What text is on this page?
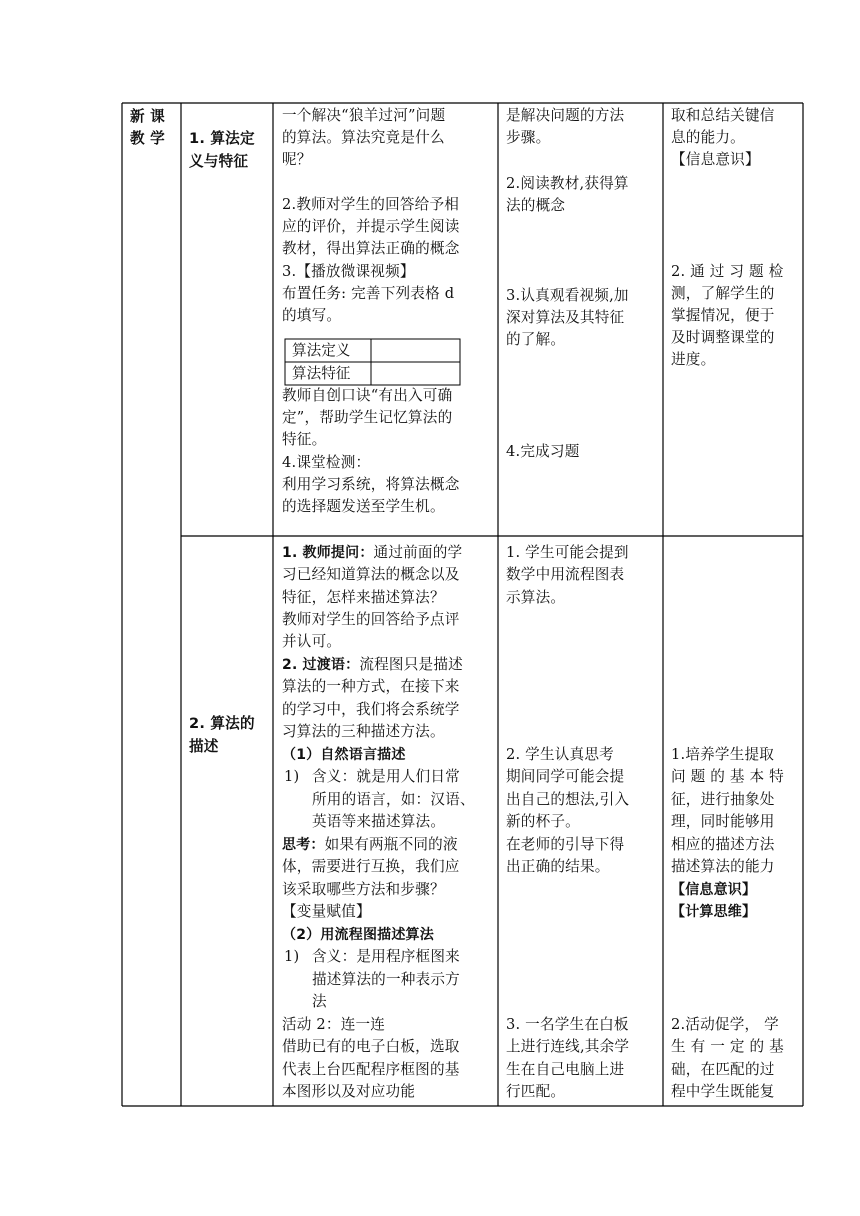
新 课
教 学 1. 算法定
义与特征
一个解决“狼羊过河”问题
的算法。算法究竟是什么
呢？
2.教师对学生的回答给予相
应的评价，并提示学生阅读
教材，得出算法正确的概念
3.【播放微课视频】
布置任务: 完善下列表格 d
的填写。
算法定义
算法特征
教师自创口诀“有出入可确
定”，帮助学生记忆算法的
特征。
4.课堂检测：
利用学习系统，将算法概念
的选择题发送至学生机。
是解决问题的方法
步骤。
2.阅读教材,获得算
法的概念
3.认真观看视频,加
深对算法及其特征
的了解。
4.完成习题
取和总结关键信
息的能力。
【信息意识】
2. 通 过 习 题 检
测，了解学生的
掌握情况，便于
及时调整课堂的
进度。
2. 算法的
描述
1. 教师提问：通过前面的学
习已经知道算法的概念以及
特征，怎样来描述算法？
教师对学生的回答给予点评
并认可。
2. 过渡语：流程图只是描述
算法的一种方式，在接下来
的学习中，我们将会系统学
习算法的三种描述方法。
（1）自然语言描述
1) 含义：就是用人们日常
所用的语言，如：汉语、
英语等来描述算法。
思考：如果有两瓶不同的液
体，需要进行互换，我们应
该采取哪些方法和步骤？
【变量赋值】
（2）用流程图描述算法
1) 含义：是用程序框图来
描述算法的一种表示方
法
活动 2：连一连
借助已有的电子白板，选取
代表上台匹配程序框图的基
本图形以及对应功能
1. 学生可能会提到
数学中用流程图表
示算法。
2. 学生认真思考
期间同学可能会提
出自己的想法,引入
新的杯子。
在老师的引导下得
出正确的结果。
3. 一名学生在白板
上进行连线,其余学
生在自己电脑上进
行匹配。
1.培养学生提取
问 题 的 基 本 特
征，进行抽象处
理，同时能够用
相应的描述方法
描述算法的能力
【信息意识】
【计算思维】
2.活动促学， 学
生 有 一 定 的 基
础，在匹配的过
程中学生既能复
